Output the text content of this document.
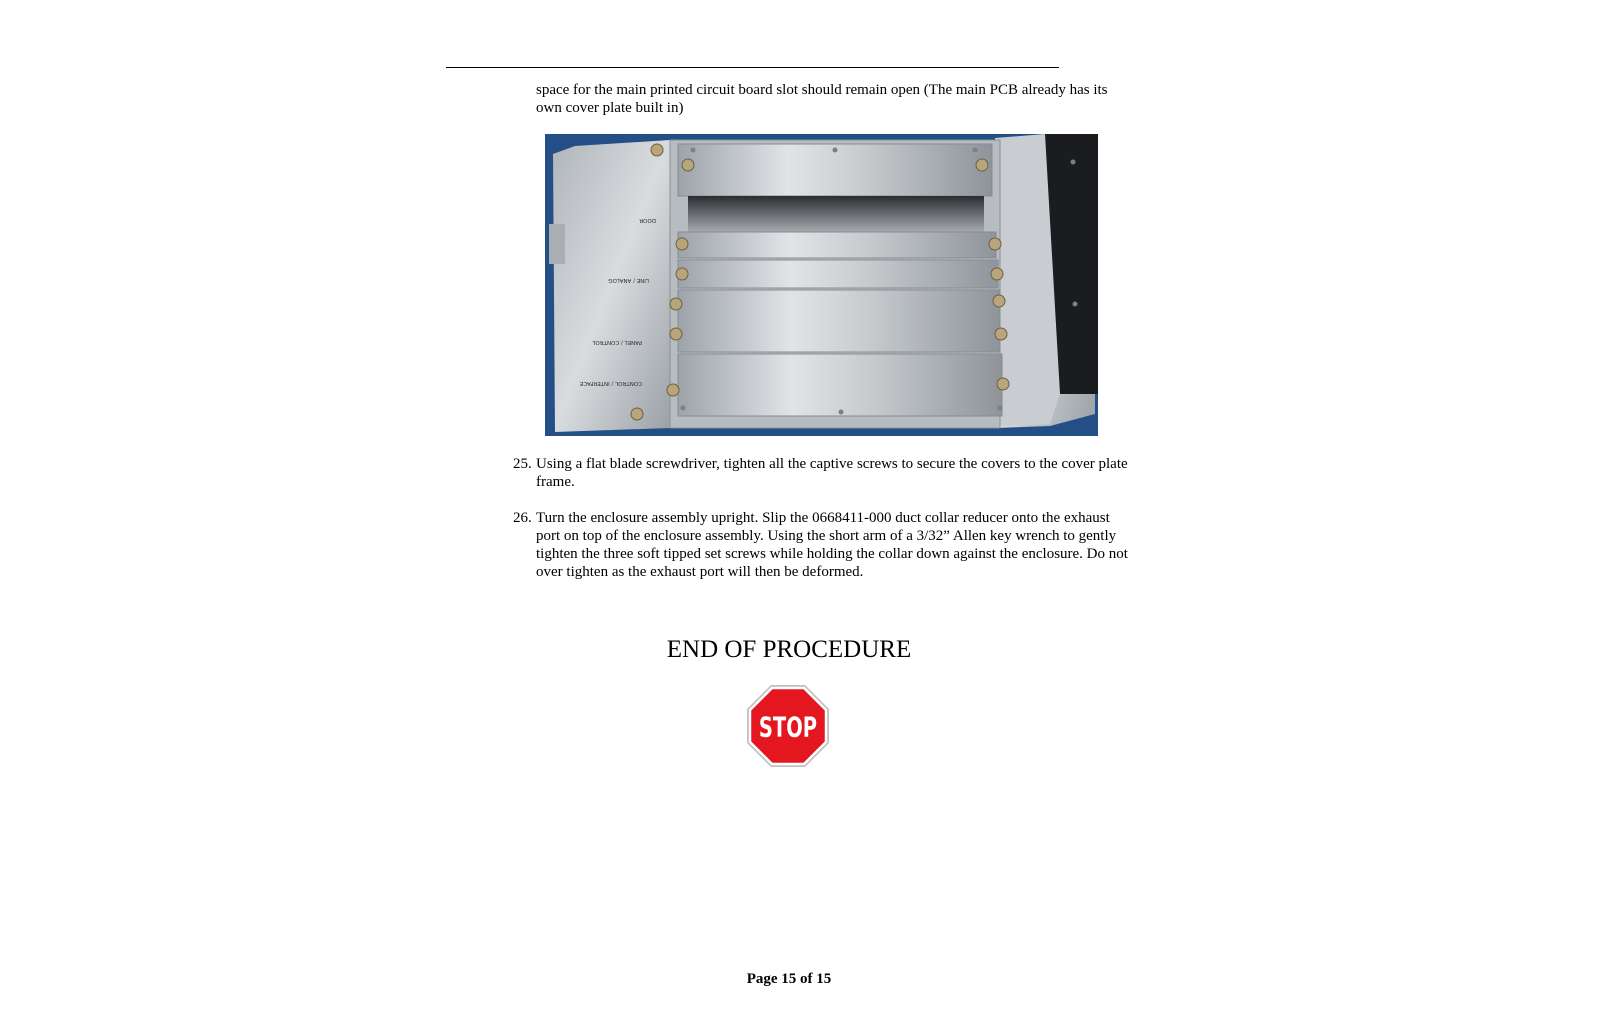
space for the main printed circuit board slot should remain open (The main PCB already has its own cover plate built in)
DOOR
LINE / ANALOG
PANEL / CONTROL
CONTROL / INTERFACE
25. Using a flat blade screwdriver, tighten all the captive screws to secure the covers to the cover plate frame.
26. Turn the enclosure assembly upright. Slip the 0668411-000 duct collar reducer onto the exhaust port on top of the enclosure assembly. Using the short arm of a 3/32” Allen key wrench to gently tighten the three soft tipped set screws while holding the collar down against the enclosure. Do not over tighten as the exhaust port will then be deformed.
END OF PROCEDURE
STOP
Page 15 of 15
